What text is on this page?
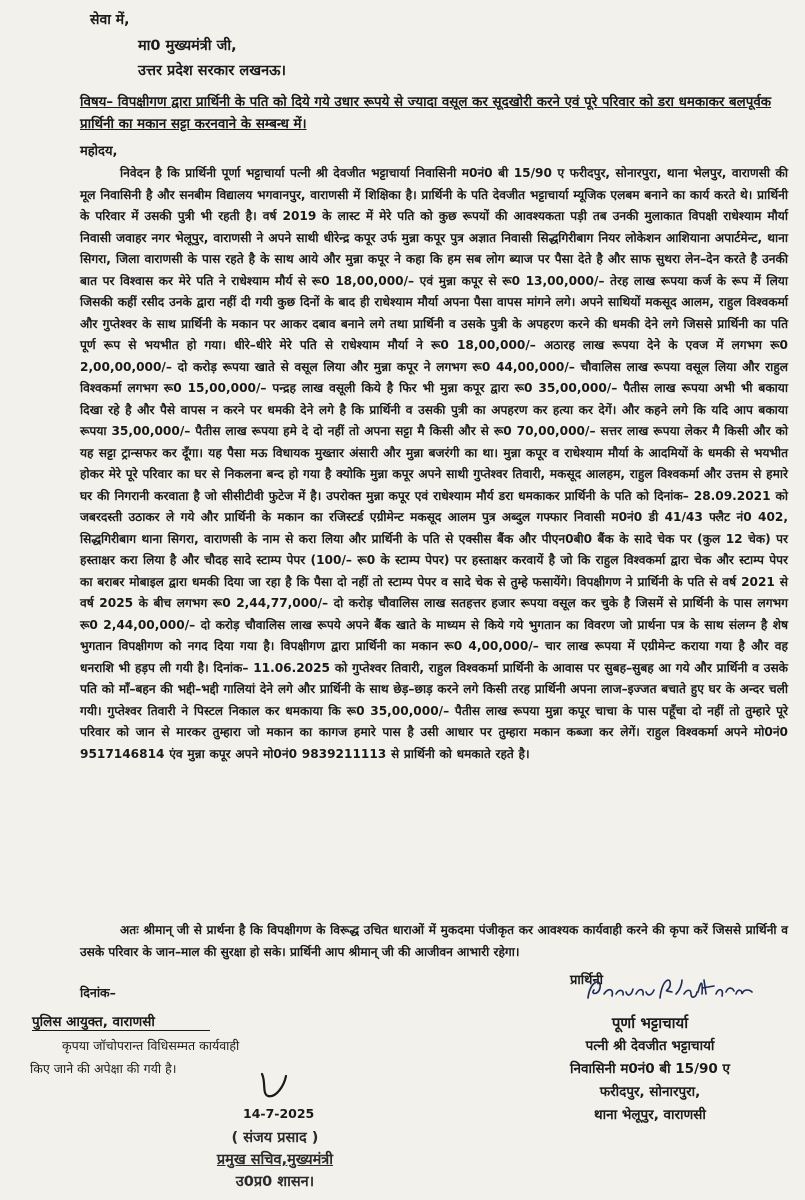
सेवा में,
मा0 मुख्यमंत्री जी,
उत्तर प्रदेश सरकार लखनऊ।
विषय– विपक्षीगण द्वारा प्रार्थिनी के पति को दिये गये उधार रूपये से ज्यादा वसूल कर सूदखोरी करने एवं पूरे परिवार को डरा धमकाकर बलपूर्वक प्रार्थिनी का मकान सट्टा करनवाने के सम्बन्ध में।
महोदय,
निवेदन है कि प्रार्थिनी पूर्णा भट्टाचार्या पत्नी श्री देवजीत भट्टाचार्या निवासिनी म0नं0 बी 15/90 ए फरीदपुर, सोनारपुरा, थाना भेलपुर, वाराणसी की मूल निवासिनी है और सनबीम विद्यालय भगवानपुर, वाराणसी में शिक्षिका है। प्रार्थिनी के पति देवजीत भट्टाचार्या म्यूजिक एलबम बनाने का कार्य करते थे। प्रार्थिनी के परिवार में उसकी पुत्री भी रहती है। वर्ष 2019 के लास्ट में मेरे पति को कुछ रूपयों की आवश्यकता पड़ी तब उनकी मुलाकात विपक्षी राधेश्याम मौर्या निवासी जवाहर नगर भेलूपुर, वाराणसी ने अपने साथी धीरेन्द्र कपूर उर्फ मुन्ना कपूर पुत्र अज्ञात निवासी सिद्धगिरीबाग नियर लोकेशन आशियाना अपार्टमेन्ट, थाना सिगरा, जिला वाराणसी के पास रहते है के साथ आये और मुन्ना कपूर ने कहा कि हम सब लोग ब्याज पर पैसा देते है और साफ सुथरा लेन–देन करते है उनकी बात पर विश्वास कर मेरे पति ने राधेश्याम मौर्य से रू0 18,00,000/– एवं मुन्ना कपूर से रू0 13,00,000/– तेरह लाख रूपया कर्ज के रूप में लिया जिसकी कहीं रसीद उनके द्वारा नहीं दी गयी कुछ दिनों के बाद ही राधेश्याम मौर्या अपना पैसा वापस मांगने लगे। अपने साथियों मकसूद आलम, राहुल विश्वकर्मा और गुप्तेश्वर के साथ प्रार्थिनी के मकान पर आकर दबाव बनाने लगे तथा प्रार्थिनी व उसके पुत्री के अपहरण करने की धमकी देने लगे जिससे प्रार्थिनी का पति पूर्ण रूप से भयभीत हो गया। धीरे–धीरे मेरे पति से राधेश्याम मौर्या ने रू0 18,00,000/– अठारह लाख रूपया देने के एवज में लगभग रू0 2,00,00,000/– दो करोड़ रूपया खाते से वसूल लिया और मुन्ना कपूर ने लगभग रू0 44,00,000/– चौवालिस लाख रूपया वसूल लिया और राहुल विश्वकर्मा लगभग रू0 15,00,000/– पन्द्रह लाख वसूली किये है फिर भी मुन्ना कपूर द्वारा रू0 35,00,000/– पैतीस लाख रूपया अभी भी बकाया दिखा रहे है और पैसे वापस न करने पर धमकी देने लगे है कि प्रार्थिनी व उसकी पुत्री का अपहरण कर हत्या कर देगें। और कहने लगे कि यदि आप बकाया रूपया 35,00,000/– पैतीस लाख रूपया हमे दे दो नहीं तो अपना सट्टा मै किसी और से रू0 70,00,000/– सत्तर लाख रूपया लेकर मै किसी और को यह सट्टा ट्रान्सफर कर दूँगा। यह पैसा मऊ विधायक मुख्तार अंसारी और मुन्ना बजरंगी का था। मुन्ना कपूर व राधेश्याम मौर्या के आदमियों के धमकी से भयभीत होकर मेरे पूरे परिवार का घर से निकलना बन्द हो गया है क्योकि मुन्ना कपूर अपने साथी गुप्तेश्वर तिवारी, मकसूद आलहम, राहुल विश्वकर्मा और उत्तम से हमारे घर की निगरानी करवाता है जो सीसीटीवी फुटेज में है। उपरोक्त मुन्ना कपूर एवं राधेश्याम मौर्य डरा धमकाकर प्रार्थिनी के पति को दिनांक– 28.09.2021 को जबरदस्ती उठाकर ले गये और प्रार्थिनी के मकान का रजिस्टर्ड एग्रीमेन्ट मकसूद आलम पुत्र अब्दुल गफ्फार निवासी म0नं0 डी 41/43 फ्लैट नं0 402, सिद्धगिरीबाग थाना सिगरा, वाराणसी के नाम से करा लिया और प्रार्थिनी के पति से एक्सीस बैंक और पीएन0बी0 बैंक के सादे चेक पर (कुल 12 चेक) पर हस्ताक्षर करा लिया है और चौदह सादे स्टाम्प पेपर (100/– रू0 के स्टाम्प पेपर) पर हस्ताक्षर करवायें है जो कि राहुल विश्वकर्मा द्वारा चेक और स्टाम्प पेपर का बराबर मोबाइल द्वारा धमकी दिया जा रहा है कि पैसा दो नहीं तो स्टाम्प पेपर व सादे चेक से तुम्हे फसायेंगे। विपक्षीगण ने प्रार्थिनी के पति से वर्ष 2021 से वर्ष 2025 के बीच लगभग रू0 2,44,77,000/– दो करोड़ चौवालिस लाख सतहत्तर हजार रूपया वसूल कर चुके है जिसमें से प्रार्थिनी के पास लगभग रू0 2,44,00,000/– दो करोड़ चौवालिस लाख रूपये अपने बैंक खाते के माध्यम से किये गये भुगतान का विवरण जो प्रार्थना पत्र के साथ संलग्न है शेष भुगतान विपक्षीगण को नगद दिया गया है। विपक्षीगण द्वारा प्रार्थिनी का मकान रू0 4,00,000/– चार लाख रूपया में एग्रीमेन्ट कराया गया है और वह धनराशि भी हड़प ली गयी है। दिनांक– 11.06.2025 को गुप्तेश्वर तिवारी, राहुल विश्वकर्मा प्रार्थिनी के आवास पर सुबह–सुबह आ गये और प्रार्थिनी व उसके पति को माँ–बहन की भद्दी–भद्दी गालियां देने लगे और प्रार्थिनी के साथ छेड़–छाड़ करने लगे किसी तरह प्रार्थिनी अपना लाज–इज्जत बचाते हुए घर के अन्दर चली गयी। गुप्तेश्वर तिवारी ने पिस्टल निकाल कर धमकाया कि रू0 35,00,000/– पैतीस लाख रूपया मुन्ना कपूर चाचा के पास पहूँचा दो नहीं तो तुम्हारे पूरे परिवार को जान से मारकर तुम्हारा जो मकान का कागज हमारे पास है उसी आधार पर तुम्हारा मकान कब्जा कर लेगें। राहुल विश्वकर्मा अपने मो0नं0 9517146814 एंव मुन्ना कपूर अपने मो0नं0 9839211113 से प्रार्थिनी को धमकाते रहते है।
अतः श्रीमान् जी से प्रार्थना है कि विपक्षीगण के विरूद्ध उचित धाराओं में मुकदमा पंजीकृत कर आवश्यक कार्यवाही करने की कृपा करें जिससे प्रार्थिनी व उसके परिवार के जान–माल की सुरक्षा हो सके। प्रार्थिनी आप श्रीमान् जी की आजीवन आभारी रहेगा।
दिनांक–
प्रार्थिनी
पूर्णा भट्टाचार्या
पत्नी श्री देवजीत भट्टाचार्या
निवासिनी म0नं0 बी 15/90 ए
फरीदपुर, सोनारपुरा,
थाना भेलूपुर, वाराणसी
पुलिस आयुक्त, वाराणसी
कृपया जॉचोपरान्त विधिसम्मत कार्यवाही
किए जाने की अपेक्षा की गयी है।
14-7-2025
( संजय प्रसाद )
प्रमुख सचिव,मुख्यमंत्री
उ0प्र0 शासन।
